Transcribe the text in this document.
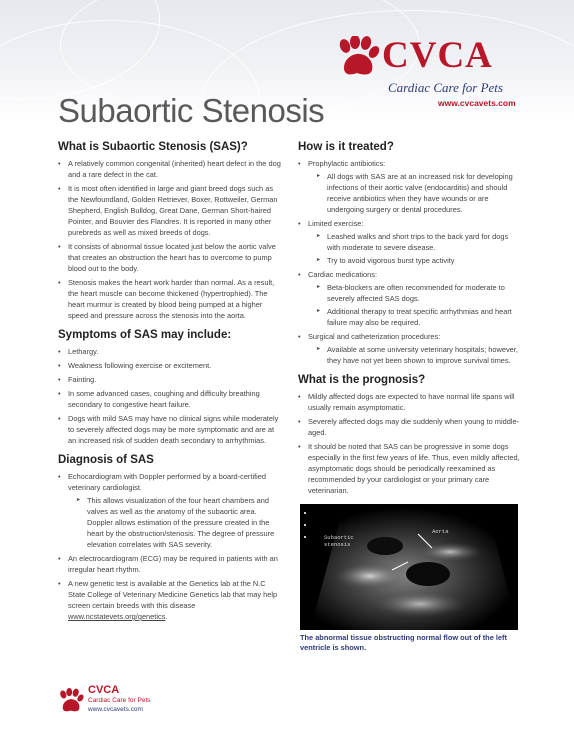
CVCA
Cardiac Care for Pets
www.cvcavets.com
Subaortic Stenosis
What is Subaortic Stenosis (SAS)?
• A relatively common congenital (inherited) heart defect in the dog and a rare defect in the cat.
• It is most often identified in large and giant breed dogs such as the Newfoundland, Golden Retriever, Boxer, Rottweiler, German Shepherd, English Bulldog, Great Dane, German Short-haired Pointer, and Bouvier des Flandres. It is reported in many other purebreds as well as mixed breeds of dogs.
• It consists of abnormal tissue located just below the aortic valve that creates an obstruction the heart has to overcome to pump blood out to the body.
• Stenosis makes the heart work harder than normal. As a result, the heart muscle can become thickened (hypertrophied). The heart murmur is created by blood being pumped at a higher speed and pressure across the stenosis into the aorta.
Symptoms of SAS may include:
• Lethargy.
• Weakness following exercise or excitement.
• Fainting.
• In some advanced cases, coughing and difficulty breathing secondary to congestive heart failure.
• Dogs with mild SAS may have no clinical signs while moderately to severely affected dogs may be more symptomatic and are at an increased risk of sudden death secondary to arrhythmias.
Diagnosis of SAS
• Echocardiogram with Doppler performed by a board-certified veterinary cardiologist.
▸ This allows visualization of the four heart chambers and valves as well as the anatomy of the subaortic area. Doppler allows estimation of the pressure created in the heart by the obstruction/stenosis. The degree of pressure elevation correlates with SAS severity.
• An electrocardiogram (ECG) may be required in patients with an irregular heart rhythm.
• A new genetic test is available at the Genetics lab at the N.C State College of Veterinary Medicine Genetics lab that may help screen certain breeds with this disease www.ncstatevets.org/genetics.
How is it treated?
• Prophylactic antibiotics:
▸ All dogs with SAS are at an increased risk for developing infections of their aortic valve (endocarditis) and should receive antibiotics when they have wounds or are undergoing surgery or dental procedures.
• Limited exercise:
▸ Leashed walks and short trips to the back yard for dogs with moderate to severe disease.
▸ Try to avoid vigorous burst type activity
• Cardiac medications:
▸ Beta-blockers are often recommended for moderate to severely affected SAS dogs.
▸ Additional therapy to treat specific arrhythmias and heart failure may also be required.
• Surgical and catheterization procedures:
▸ Available at some university veterinary hospitals; however, they have not yet been shown to improve survival times.
What is the prognosis?
• Mildly affected dogs are expected to have normal life spans will usually remain asymptomatic.
• Severely affected dogs may die suddenly when young to middle-aged.
• It should be noted that SAS can be progressive in some dogs especially in the first few years of life. Thus, even mildly affected, asymptomatic dogs should be periodically reexamined as recommended by your cardiologist or your primary care veterinarian.
Subaortic
stenosis
Aorta
The abnormal tissue obstructing normal flow out of the left ventricle is shown.
CVCA
Cardiac Care for Pets
www.cvcavets.com
